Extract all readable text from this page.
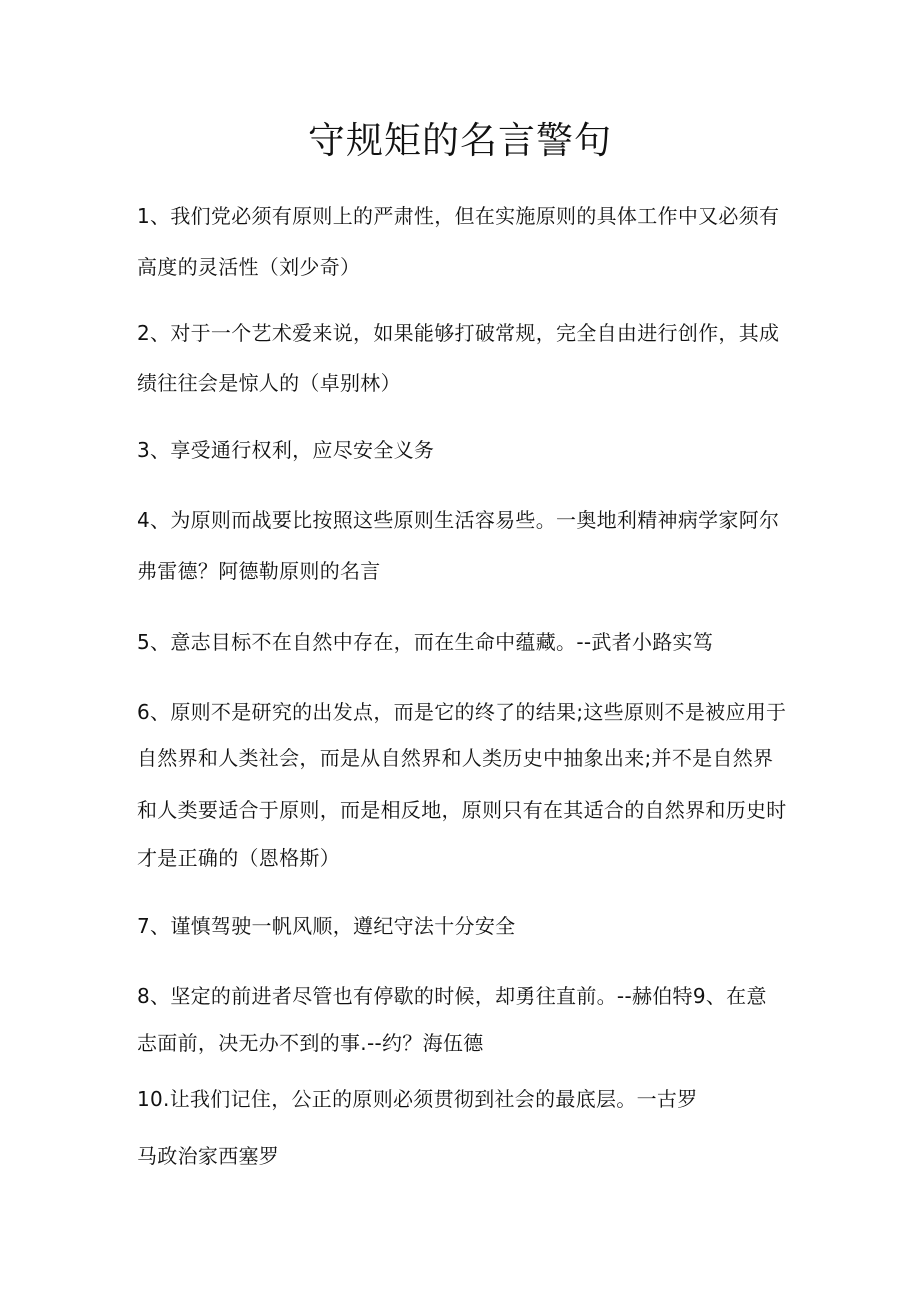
守规矩的名言警句
1、我们党必须有原则上的严肃性，但在实施原则的具体工作中又必须有
高度的灵活性（刘少奇）
2、对于一个艺术爱来说，如果能够打破常规，完全自由进行创作，其成
绩往往会是惊人的（卓别林）
3、享受通行权利，应尽安全义务
4、为原则而战要比按照这些原则生活容易些。一奥地利精神病学家阿尔
弗雷德？阿德勒原则的名言
5、意志目标不在自然中存在，而在生命中蕴藏。--武者小路实笃
6、原则不是研究的出发点，而是它的终了的结果;这些原则不是被应用于
自然界和人类社会，而是从自然界和人类历史中抽象出来;并不是自然界
和人类要适合于原则，而是相反地，原则只有在其适合的自然界和历史时
才是正确的（恩格斯）
7、谨慎驾驶一帆风顺，遵纪守法十分安全
8、坚定的前进者尽管也有停歇的时候，却勇往直前。--赫伯特9、在意
志面前，决无办不到的事.--约？海伍德
10.让我们记住，公正的原则必须贯彻到社会的最底层。一古罗
马政治家西塞罗
